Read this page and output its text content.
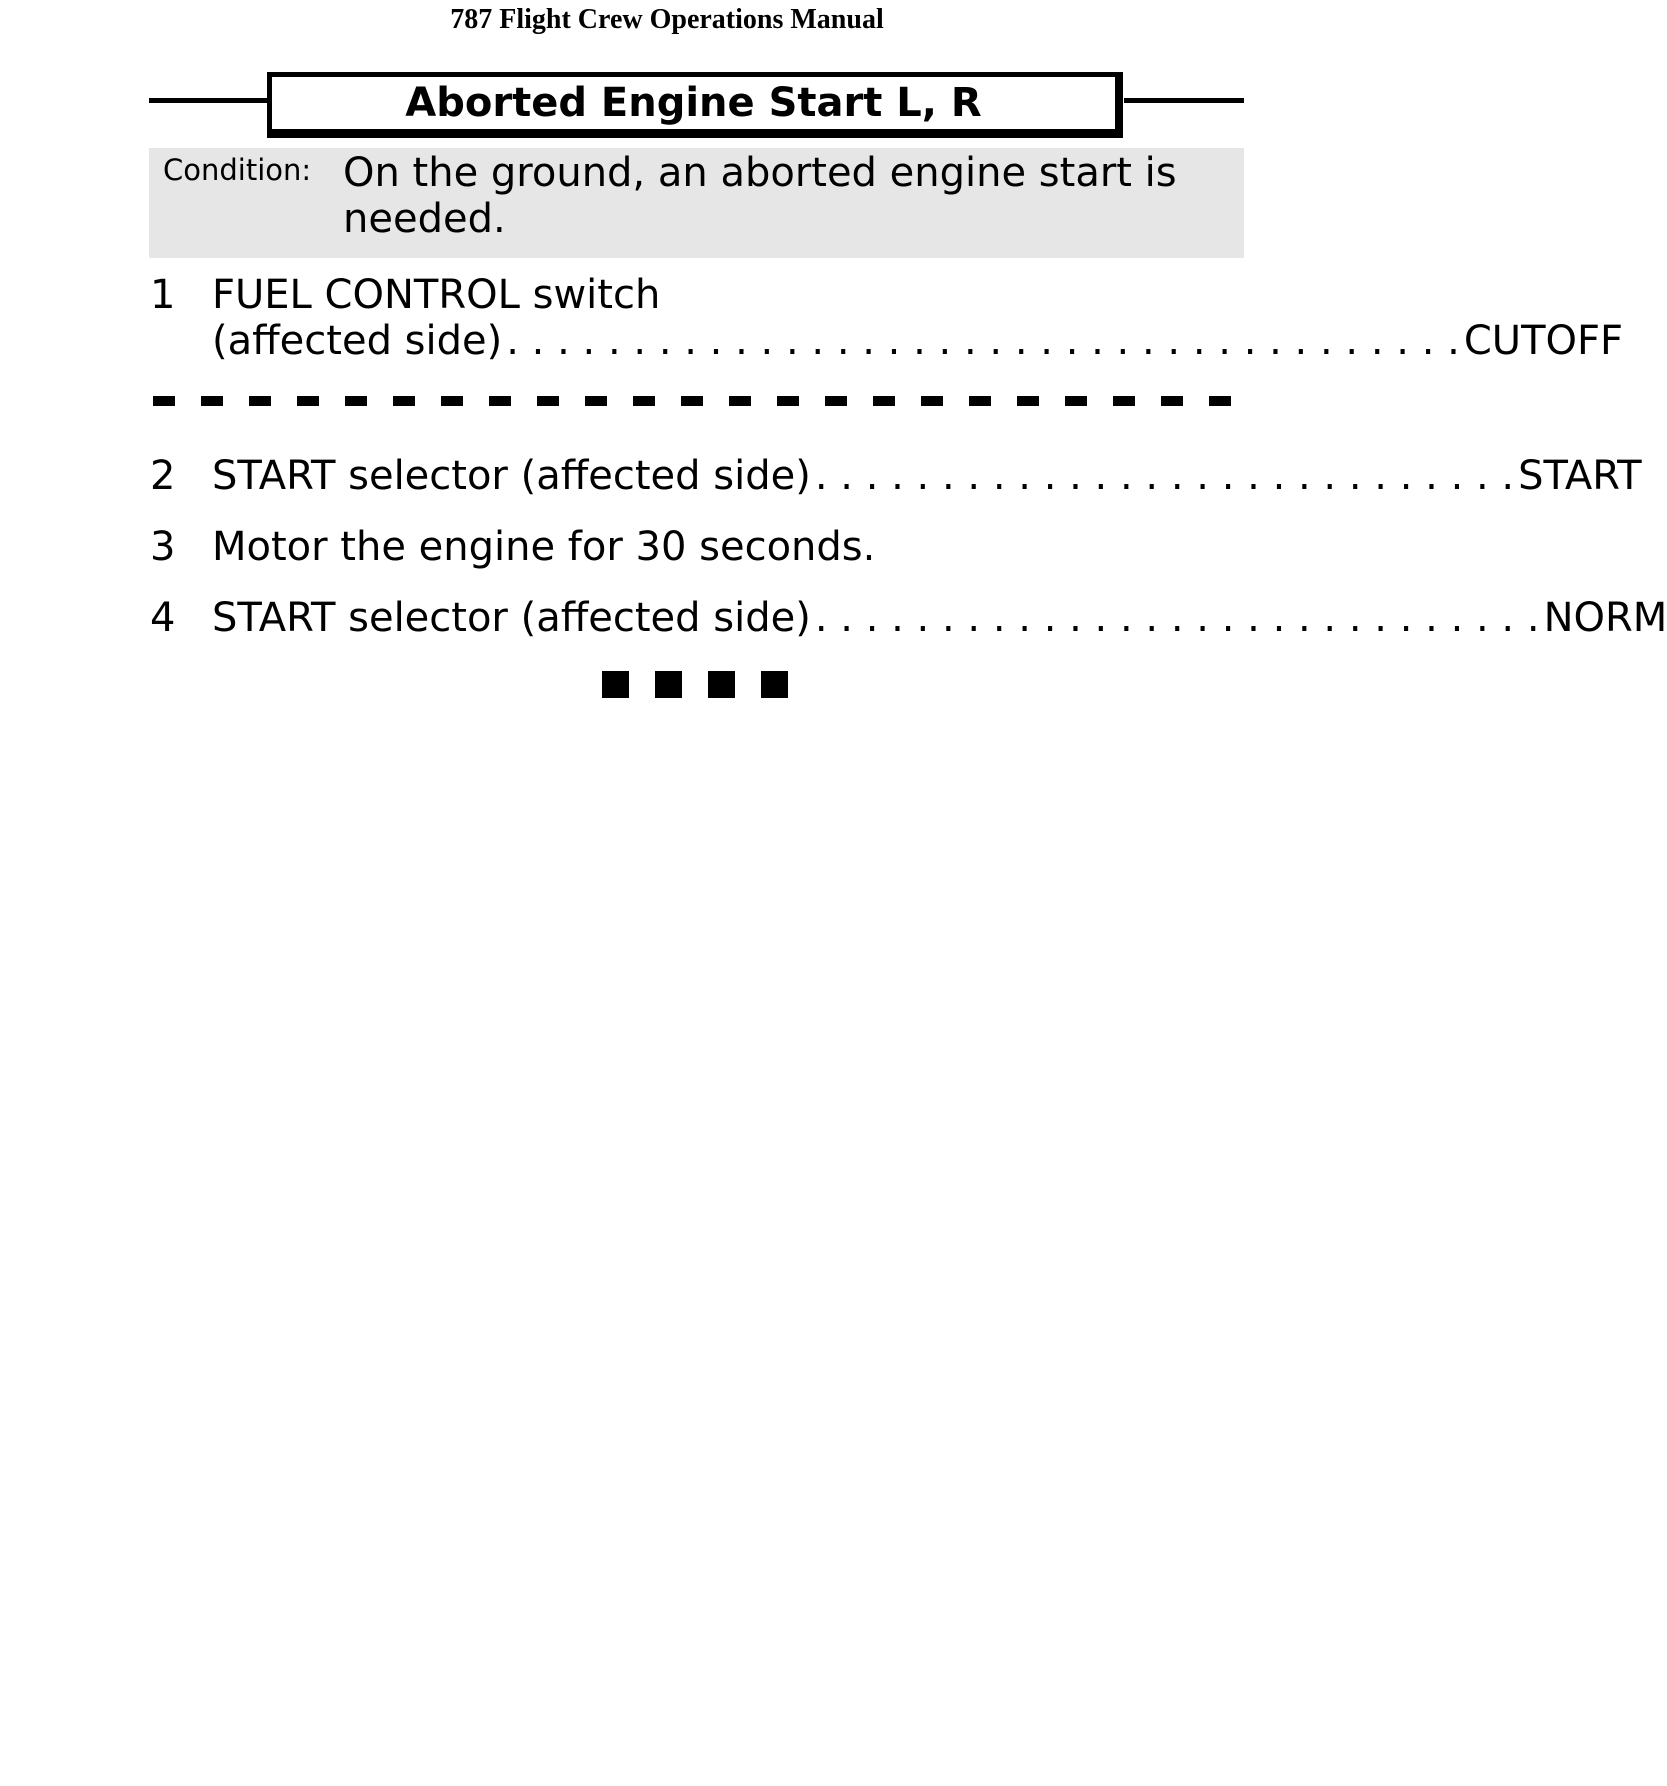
787 Flight Crew Operations Manual
Aborted Engine Start L, R
Condition: On the ground, an aborted engine start is needed.
1 FUEL CONTROL switch
(affected side) . . . . . . . . . . . . . . . . . . . . . . . . . . . . . . . . . . . . . . CUTOFF
2 START selector (affected side) . . . . . . . . . . . . . . . . . . . . . . . . . . . . START
3 Motor the engine for 30 seconds.
4 START selector (affected side) . . . . . . . . . . . . . . . . . . . . . . . . . . . . . NORM
